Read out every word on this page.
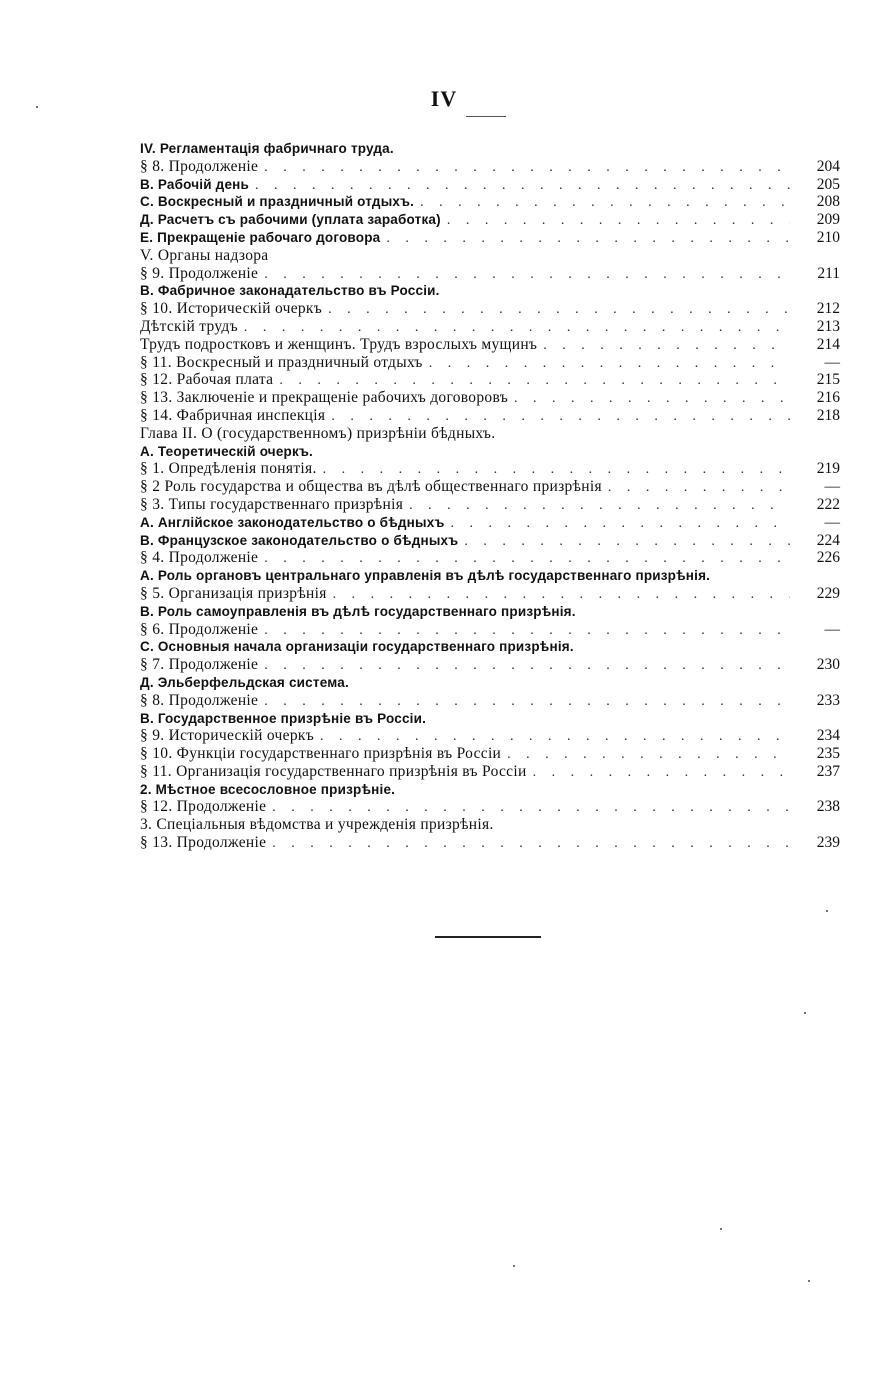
IV
IV. Регламентація фабричнаго труда.
§ 8. Продолженіе . . .	204
B. Рабочій день . . .	205
C. Воскресный и праздничный отдыхъ. . . .	208
Д. Расчетъ съ рабочими (уплата заработка) . . .	209
E. Прекращеніе рабочаго договора . . .	210
V. Органы надзора
§ 9. Продолженіе . . .	211
B. Фабричное законадательство въ Россіи.
§ 10. Историческій очеркъ . . .	212
Дѣтскій трудъ . . .	213
Трудъ подростковъ и женщинъ. Трудъ взрослыхъ мущинъ . . .	214
§ 11. Воскресный и праздничный отдыхъ . . .	—
§ 12. Рабочая плата . . .	215
§ 13. Заключеніе и прекращеніе рабочихъ договоровъ . . .	216
§ 14. Фабричная инспекція . . .	218
Глава II. О (государственномъ) призрѣніи бѣдныхъ.
A. Теоретическій очеркъ.
§ 1. Опредѣленія понятія. . . .	219
§ 2 Роль государства и общества въ дѣлѣ общественнаго призрѣнія . . .	—
§ 3. Типы государственнаго призрѣнія . . .	222
A. Англійское законодательство о бѣдныхъ . . .	—
B. Французское законодательство о бѣдныхъ . . .	224
§ 4. Продолженіе . . .	226
A. Роль органовъ центральнаго управленія въ дѣлѣ государственнаго призрѣнія.
§ 5. Организація призрѣнія . . .	229
B. Роль самоуправленія въ дѣлѣ государственнаго призрѣнія.
§ 6. Продолженіе . . .	—
C. Основныя начала организаціи государственнаго призрѣнія.
§ 7. Продолженіе . . .	230
Д. Эльберфельдская система.
§ 8. Продолженіе . . .	233
B. Государственное призрѣніе въ Россіи.
§ 9. Историческій очеркъ . . .	234
§ 10. Функціи государственнаго призрѣнія въ Россіи . . .	235
§ 11. Организація государственнаго призрѣнія въ Россіи . . .	237
2. Мѣстное всесословное призрѣніе.
§ 12. Продолженіе . . .	238
3. Спеціальныя вѣдомства и учрежденія призрѣнія.
§ 13. Продолженіе . . .	239
